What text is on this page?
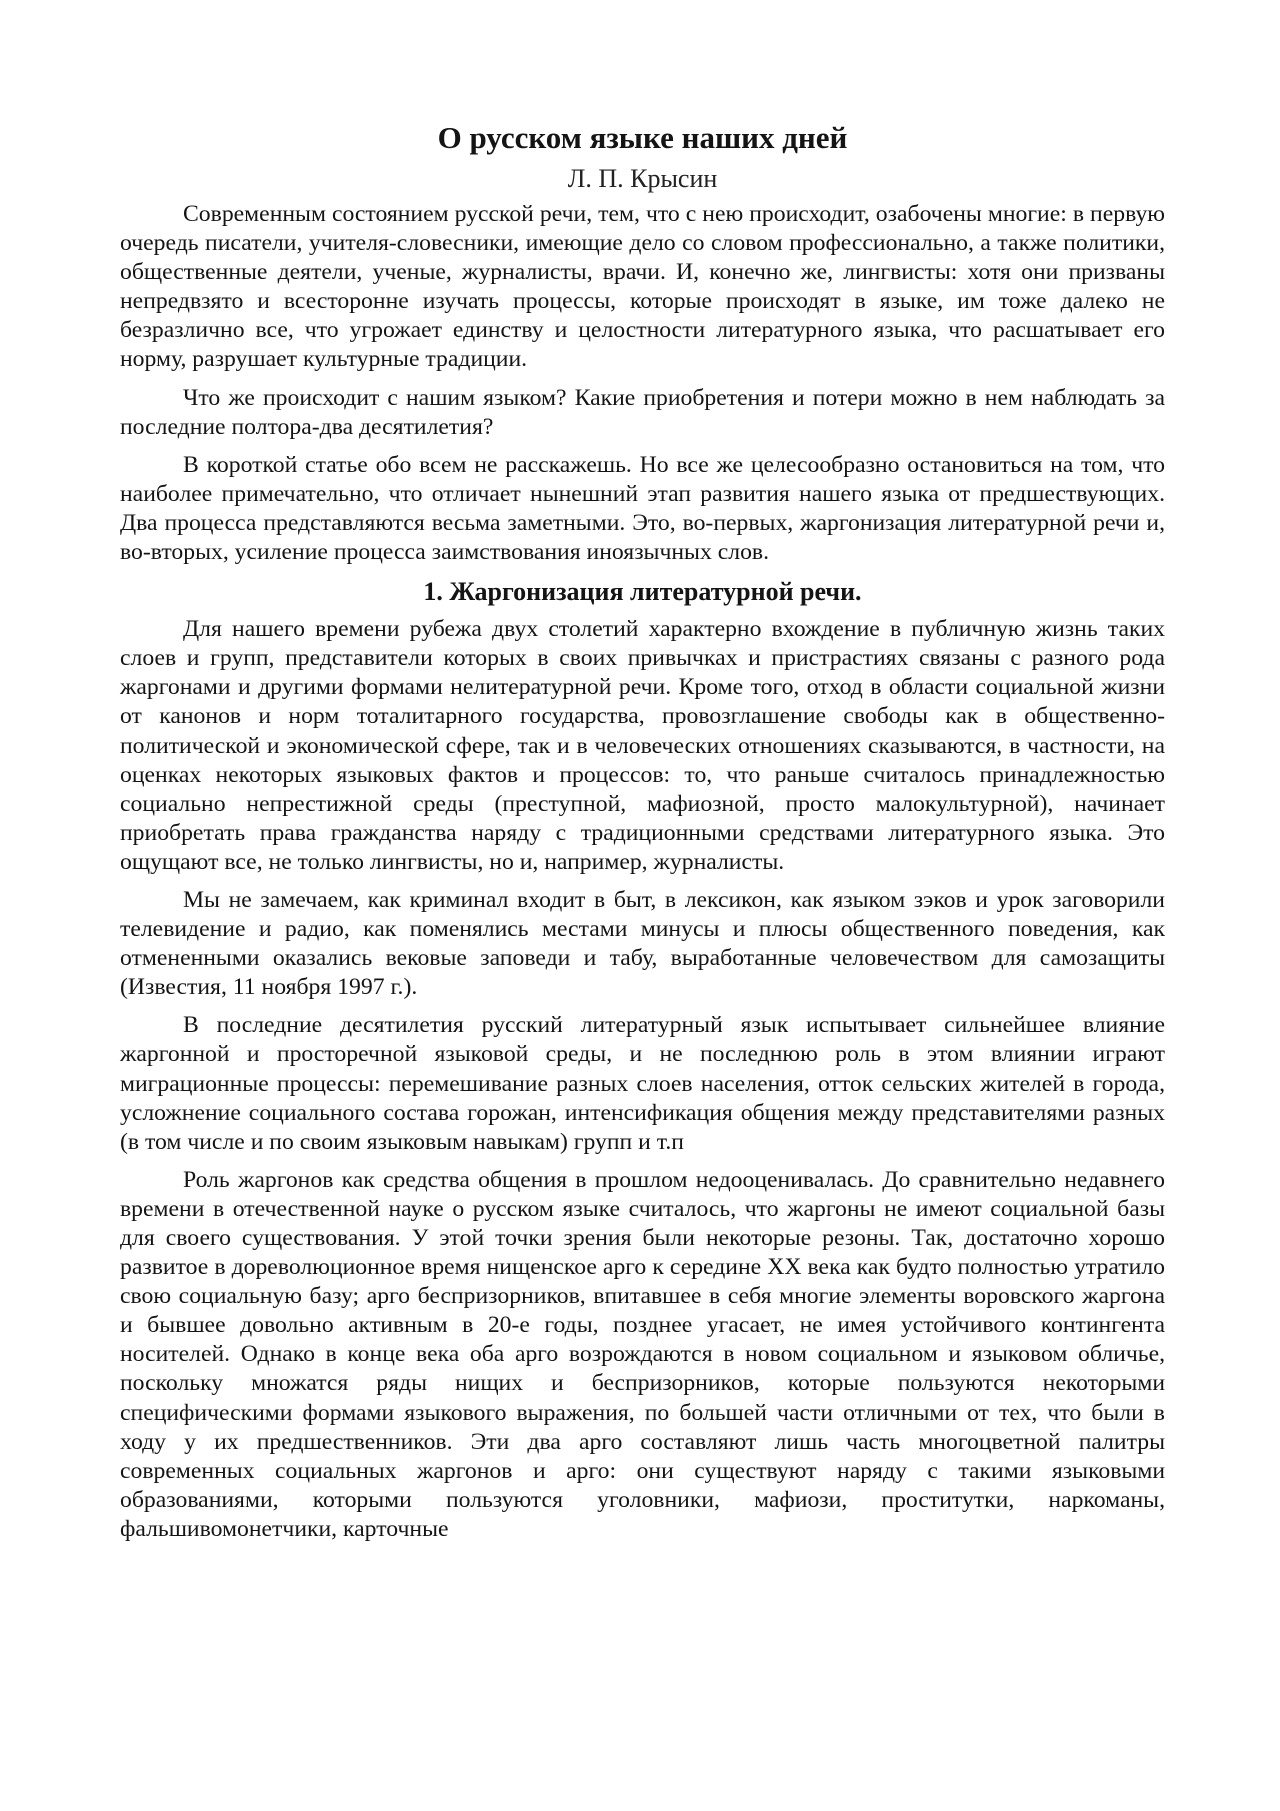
О русском языке наших дней
Л. П. Крысин

Современным состоянием русской речи, тем, что с нею происходит, озабочены многие: в первую очередь писатели, учителя-словесники, имеющие дело со словом профессионально, а также политики, общественные деятели, ученые, журналисты, врачи. И, конечно же, лингвисты: хотя они призваны непредвзято и всесторонне изучать процессы, которые происходят в языке, им тоже далеко не безразлично все, что угрожает единству и целостности литературного языка, что расшатывает его норму, разрушает культурные традиции.

Что же происходит с нашим языком? Какие приобретения и потери можно в нем наблюдать за последние полтора-два десятилетия?

В короткой статье обо всем не расскажешь. Но все же целесообразно остановиться на том, что наиболее примечательно, что отличает нынешний этап развития нашего языка от предшествующих. Два процесса представляются весьма заметными. Это, во-первых, жаргонизация литературной речи и, во-вторых, усиление процесса заимствования иноязычных слов.

1. Жаргонизация литературной речи.

Для нашего времени рубежа двух столетий характерно вхождение в публичную жизнь таких слоев и групп, представители которых в своих привычках и пристрастиях связаны с разного рода жаргонами и другими формами нелитературной речи. Кроме того, отход в области социальной жизни от канонов и норм тоталитарного государства, провозглашение свободы как в общественно-политической и экономической сфере, так и в человеческих отношениях сказываются, в частности, на оценках некоторых языковых фактов и процессов: то, что раньше считалось принадлежностью социально непрестижной среды (преступной, мафиозной, просто малокультурной), начинает приобретать права гражданства наряду с традиционными средствами литературного языка. Это ощущают все, не только лингвисты, но и, например, журналисты.

Мы не замечаем, как криминал входит в быт, в лексикон, как языком зэков и урок заговорили телевидение и радио, как поменялись местами минусы и плюсы общественного поведения, как отмененными оказались вековые заповеди и табу, выработанные человечеством для самозащиты (Известия, 11 ноября 1997 г.).

В последние десятилетия русский литературный язык испытывает сильнейшее влияние жаргонной и просторечной языковой среды, и не последнюю роль в этом влиянии играют миграционные процессы: перемешивание разных слоев населения, отток сельских жителей в города, усложнение социального состава горожан, интенсификация общения между представителями разных (в том числе и по своим языковым навыкам) групп и т.п

Роль жаргонов как средства общения в прошлом недооценивалась. До сравнительно недавнего времени в отечественной науке о русском языке считалось, что жаргоны не имеют социальной базы для своего существования. У этой точки зрения были некоторые резоны. Так, достаточно хорошо развитое в дореволюционное время нищенское арго к середине XX века как будто полностью утратило свою социальную базу; арго беспризорников, впитавшее в себя многие элементы воровского жаргона и бывшее довольно активным в 20-е годы, позднее угасает, не имея устойчивого контингента носителей. Однако в конце века оба арго возрождаются в новом социальном и языковом обличье, поскольку множатся ряды нищих и беспризорников, которые пользуются некоторыми специфическими формами языкового выражения, по большей части отличными от тех, что были в ходу у их предшественников. Эти два арго составляют лишь часть многоцветной палитры современных социальных жаргонов и арго: они существуют наряду с такими языковыми образованиями, которыми пользуются уголовники, мафиози, проститутки, наркоманы, фальшивомонетчики, карточные
